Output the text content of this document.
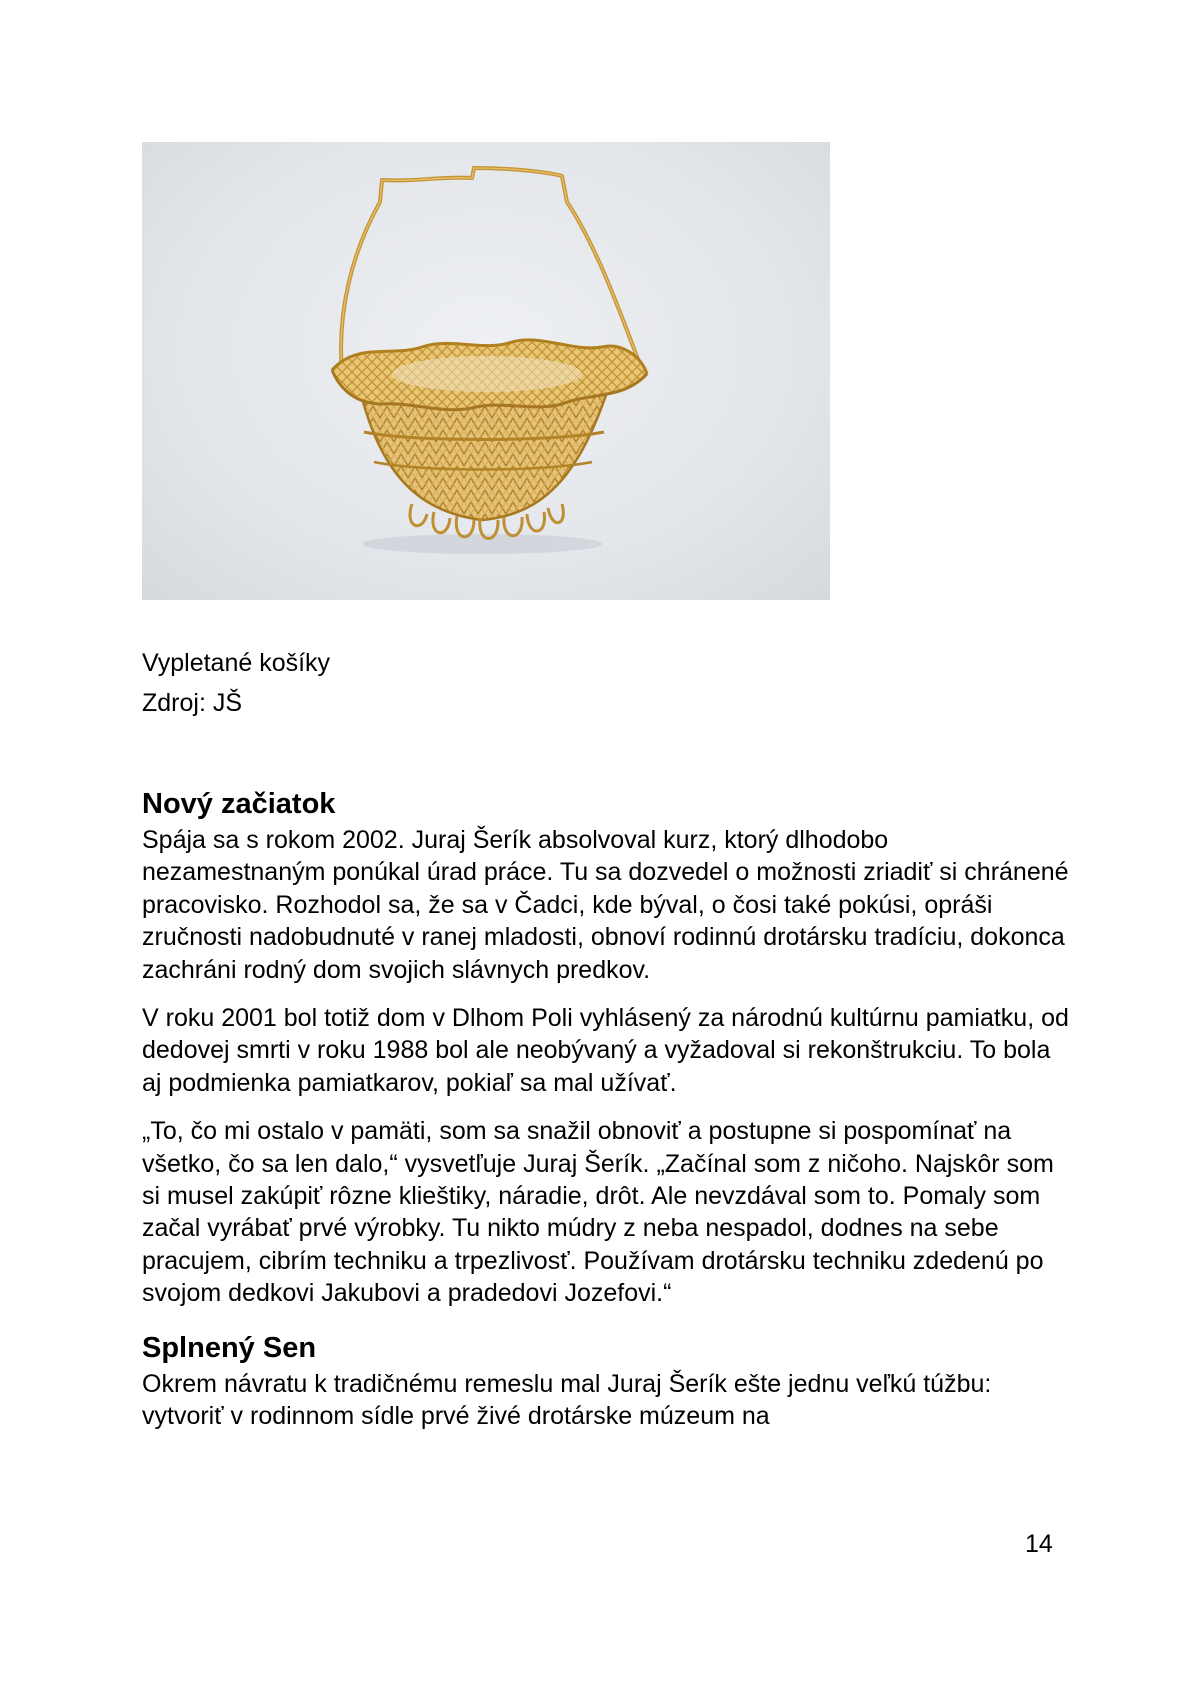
Vypletané košíky
Zdroj: JŠ
Nový začiatok

Spája sa s rokom 2002. Juraj Šerík absolvoval kurz, ktorý dlhodobo nezamestnaným ponúkal úrad práce. Tu sa dozvedel o možnosti zriadiť si chránené pracovisko. Rozhodol sa, že sa v Čadci, kde býval, o čosi také pokúsi, opráši zručnosti nadobudnuté v ranej mladosti, obnoví rodinnú drotársku tradíciu, dokonca zachráni rodný dom svojich slávnych predkov.

V roku 2001 bol totiž dom v Dlhom Poli vyhlásený za národnú kultúrnu pamiatku, od dedovej smrti v roku 1988 bol ale neobývaný a vyžadoval si rekonštrukciu. To bola aj podmienka pamiatkarov, pokiaľ sa mal užívať.

„To, čo mi ostalo v pamäti, som sa snažil obnoviť a postupne si pospomínať na všetko, čo sa len dalo,“ vysvetľuje Juraj Šerík. „Začínal som z ničoho. Najskôr som si musel zakúpiť rôzne klieštiky, náradie, drôt. Ale nevzdával som to. Pomaly som začal vyrábať prvé výrobky. Tu nikto múdry z neba nespadol, dodnes na sebe pracujem, cibrím techniku a trpezlivosť. Používam drotársku techniku zdedenú po svojom dedkovi Jakubovi a pradedovi Jozefovi.“

Splnený Sen

Okrem návratu k tradičnému remeslu mal Juraj Šerík ešte jednu veľkú túžbu: vytvoriť v rodinnom sídle prvé živé drotárske múzeum na

14
